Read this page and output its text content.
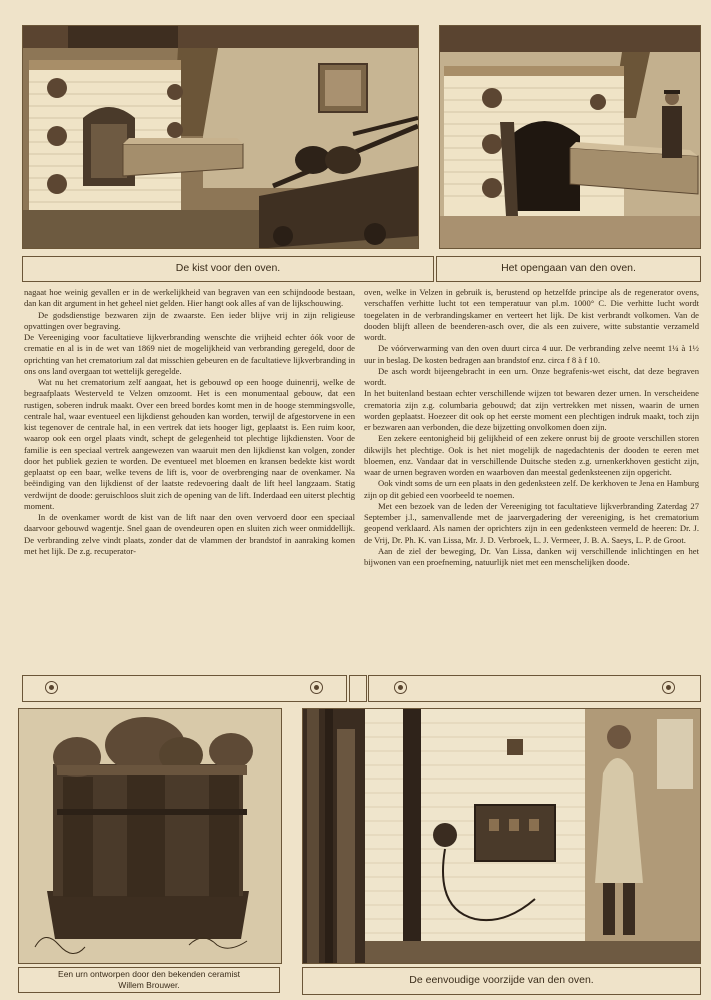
De kist voor den oven.	Het opengaan van den oven.

nagaat hoe weinig gevallen er in de werkelijkheid van begraven van een schijndoode bestaan, dan kan dit argument in het geheel niet gelden. Hier hangt ook alles af van de lijkschouwing.

De godsdienstige bezwaren zijn de zwaarste. Een ieder blijve vrij in zijn religieuse opvattingen over begraving.

De Vereeniging voor facultatieve lijkverbranding wenschte die vrijheid echter óók voor de crematie en al is in de wet van 1869 niet de mogelijkheid van verbranding geregeld, door de oprichting van het crematorium zal dat misschien gebeuren en de facultatieve lijkverbranding in ons ons land overgaan tot wettelijk geregelde.

Wat nu het crematorium zelf aangaat, het is gebouwd op een hooge duinenrij, welke de begraafplaats Westerveld te Velzen omzoomt. Het is een monumentaal gebouw, dat een rustigen, soberen indruk maakt. Over een breed bordes komt men in de hooge stemmingsvolle, centrale hal, waar eventueel een lijkdienst gehouden kan worden, terwijl de afgestorvene in een kist tegenover de centrale hal, in een vertrek dat iets hooger ligt, geplaatst is. Een ruim koor, waarop ook een orgel plaats vindt, schept de gelegenheid tot plechtige lijkdiensten. Voor de familie is een speciaal vertrek aangewezen van waaruit men den lijkdienst kan volgen, zonder door het publiek gezien te worden. De eventueel met bloemen en kransen bedekte kist wordt geplaatst op een baar, welke tevens de lift is, voor de overbrenging naar de ovenkamer. Na beëindiging van den lijkdienst of der laatste redevoering daalt de lift heel langzaam. Statig verdwijnt de doode: geruischloos sluit zich de opening van de lift. Inderdaad een uiterst plechtig moment.

In de ovenkamer wordt de kist van de lift naar den oven vervoerd door een speciaal daarvoor gebouwd wagentje. Snel gaan de ovendeuren open en sluiten zich weer onmiddellijk. De verbranding zelve vindt plaats, zonder dat de vlammen der brandstof in aanraking komen met het lijk. De z.g. recuperator-

oven, welke in Velzen in gebruik is, berustend op hetzelfde principe als de regenerator ovens, verschaffen verhitte lucht tot een temperatuur van pl.m. 1000° C. Die verhitte lucht wordt toegelaten in de verbrandingskamer en verteert het lijk. De kist verbrandt volkomen. Van de dooden blijft alleen de beenderen-asch over, die als een zuivere, witte substantie verzameld wordt.

De vóórverwarming van den oven duurt circa 4 uur. De verbranding zelve neemt 1¼ à 1½ uur in beslag. De kosten bedragen aan brandstof enz. circa f 8 à f 10.

De asch wordt bijeengebracht in een urn. Onze begrafenis-wet eischt, dat deze begraven wordt.

In het buitenland bestaan echter verschillende wijzen tot bewaren dezer urnen. In verscheidene crematoria zijn z.g. columbaria gebouwd; dat zijn vertrekken met nissen, waarin de urnen worden geplaatst. Hoezeer dit ook op het eerste moment een plechtigen indruk maakt, toch zijn er bezwaren aan verbonden, die deze bijzetting onvolkomen doen zijn.

Een zekere eentonigheid bij gelijkheid of een zekere onrust bij de groote verschillen storen dikwijls het plechtige. Ook is het niet mogelijk de nagedachtenis der dooden te eeren met bloemen, enz. Vandaar dat in verschillende Duitsche steden z.g. urnenkerkhoven gesticht zijn, waar de urnen begraven worden en waarboven dan meestal gedenksteenen zijn opgericht.

Ook vindt soms de urn een plaats in den gedenksteen zelf. De kerkhoven te Jena en Hamburg zijn op dit gebied een voorbeeld te noemen.

Met een bezoek van de leden der Vereeniging tot facultatieve lijkverbranding Zaterdag 27 September j.l., samenvallende met de jaarvergadering der vereeniging, is het crematorium geopend verklaard. Als namen der oprichters zijn in een gedenksteen vermeld de heeren: Dr. J. de Vrij, Dr. Ph. K. van Lissa, Mr. J. D. Verbroek, L. J. Vermeer, J. B. A. Saeys, L. P. de Groot.

Aan de ziel der beweging, Dr. Van Lissa, danken wij verschillende inlichtingen en het bijwonen van een proefneming, natuurlijk niet met een menschelijken doode.

Een urn ontworpen door den bekenden ceramist Willem Brouwer.	De eenvoudige voorzijde van den oven.
